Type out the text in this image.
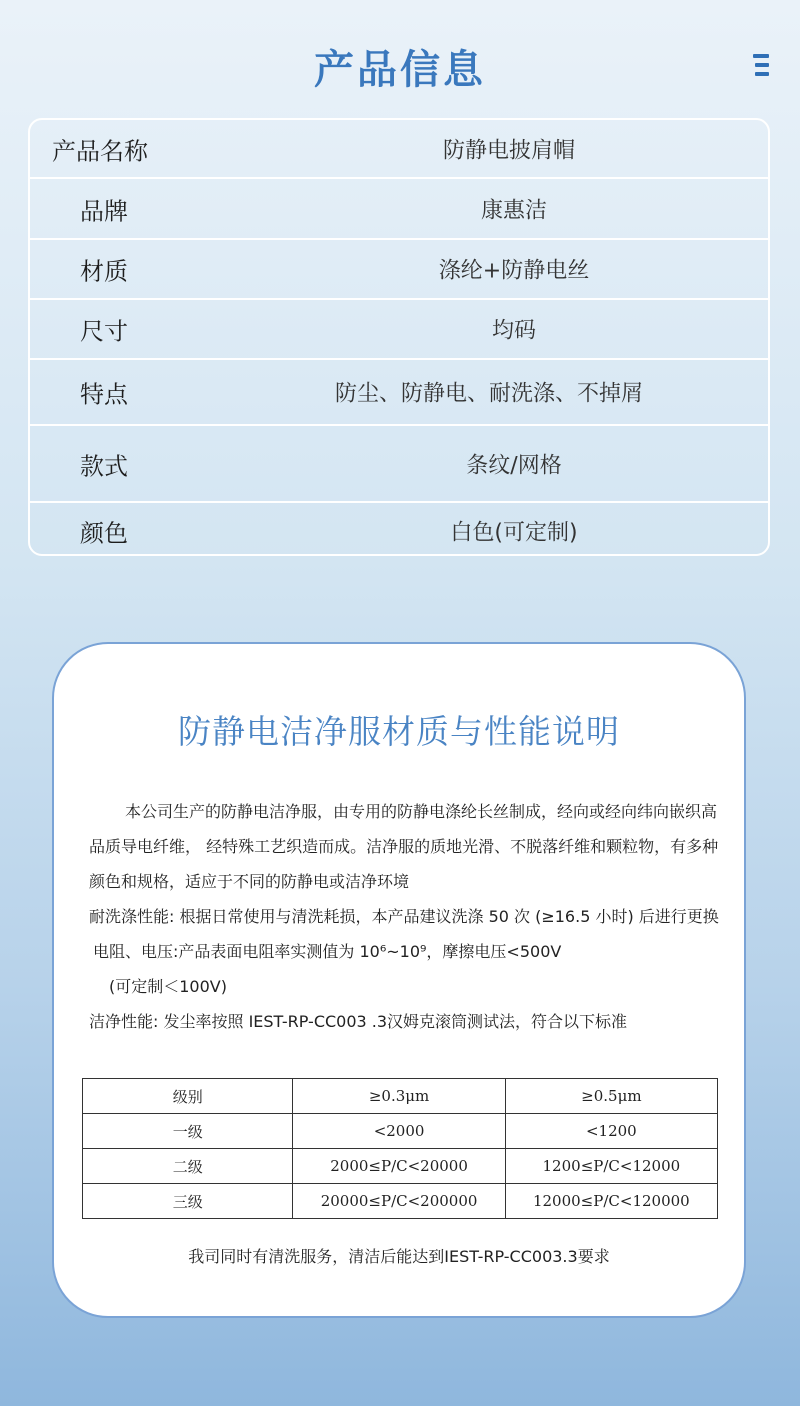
产品信息
产品名称	防静电披肩帽
品牌	康惠洁
材质	涤纶+防静电丝
尺寸	均码
特点	防尘、防静电、耐洗涤、不掉屑
款式	条纹/网格
颜色	白色(可定制)
防静电洁净服材质与性能说明

本公司生产的防静电洁净服，由专用的防静电涤纶长丝制成，经向或经向纬向嵌织高品质导电纤维， 经特殊工艺织造而成。洁净服的质地光滑、不脱落纤维和颗粒物，有多种颜色和规格，适应于不同的防静电或洁净环境

耐洗涤性能: 根据日常使用与清洗耗损，本产品建议洗涤 50 次 (≥16.5 小时) 后进行更换

电阻、电压:产品表面电阻率实测值为 10⁶~10⁹，摩擦电压<500V

(可定制＜100V)

洁净性能: 发尘率按照 IEST-RP-CC003 .3汉姆克滚筒测试法，符合以下标准

级别	≥0.3μm	≥0.5μm
一级	<2000	<1200
二级	2000≤P/C<20000	1200≤P/C<12000
三级	20000≤P/C<200000	12000≤P/C<120000
我司同时有清洗服务，清洁后能达到IEST-RP-CC003.3要求
